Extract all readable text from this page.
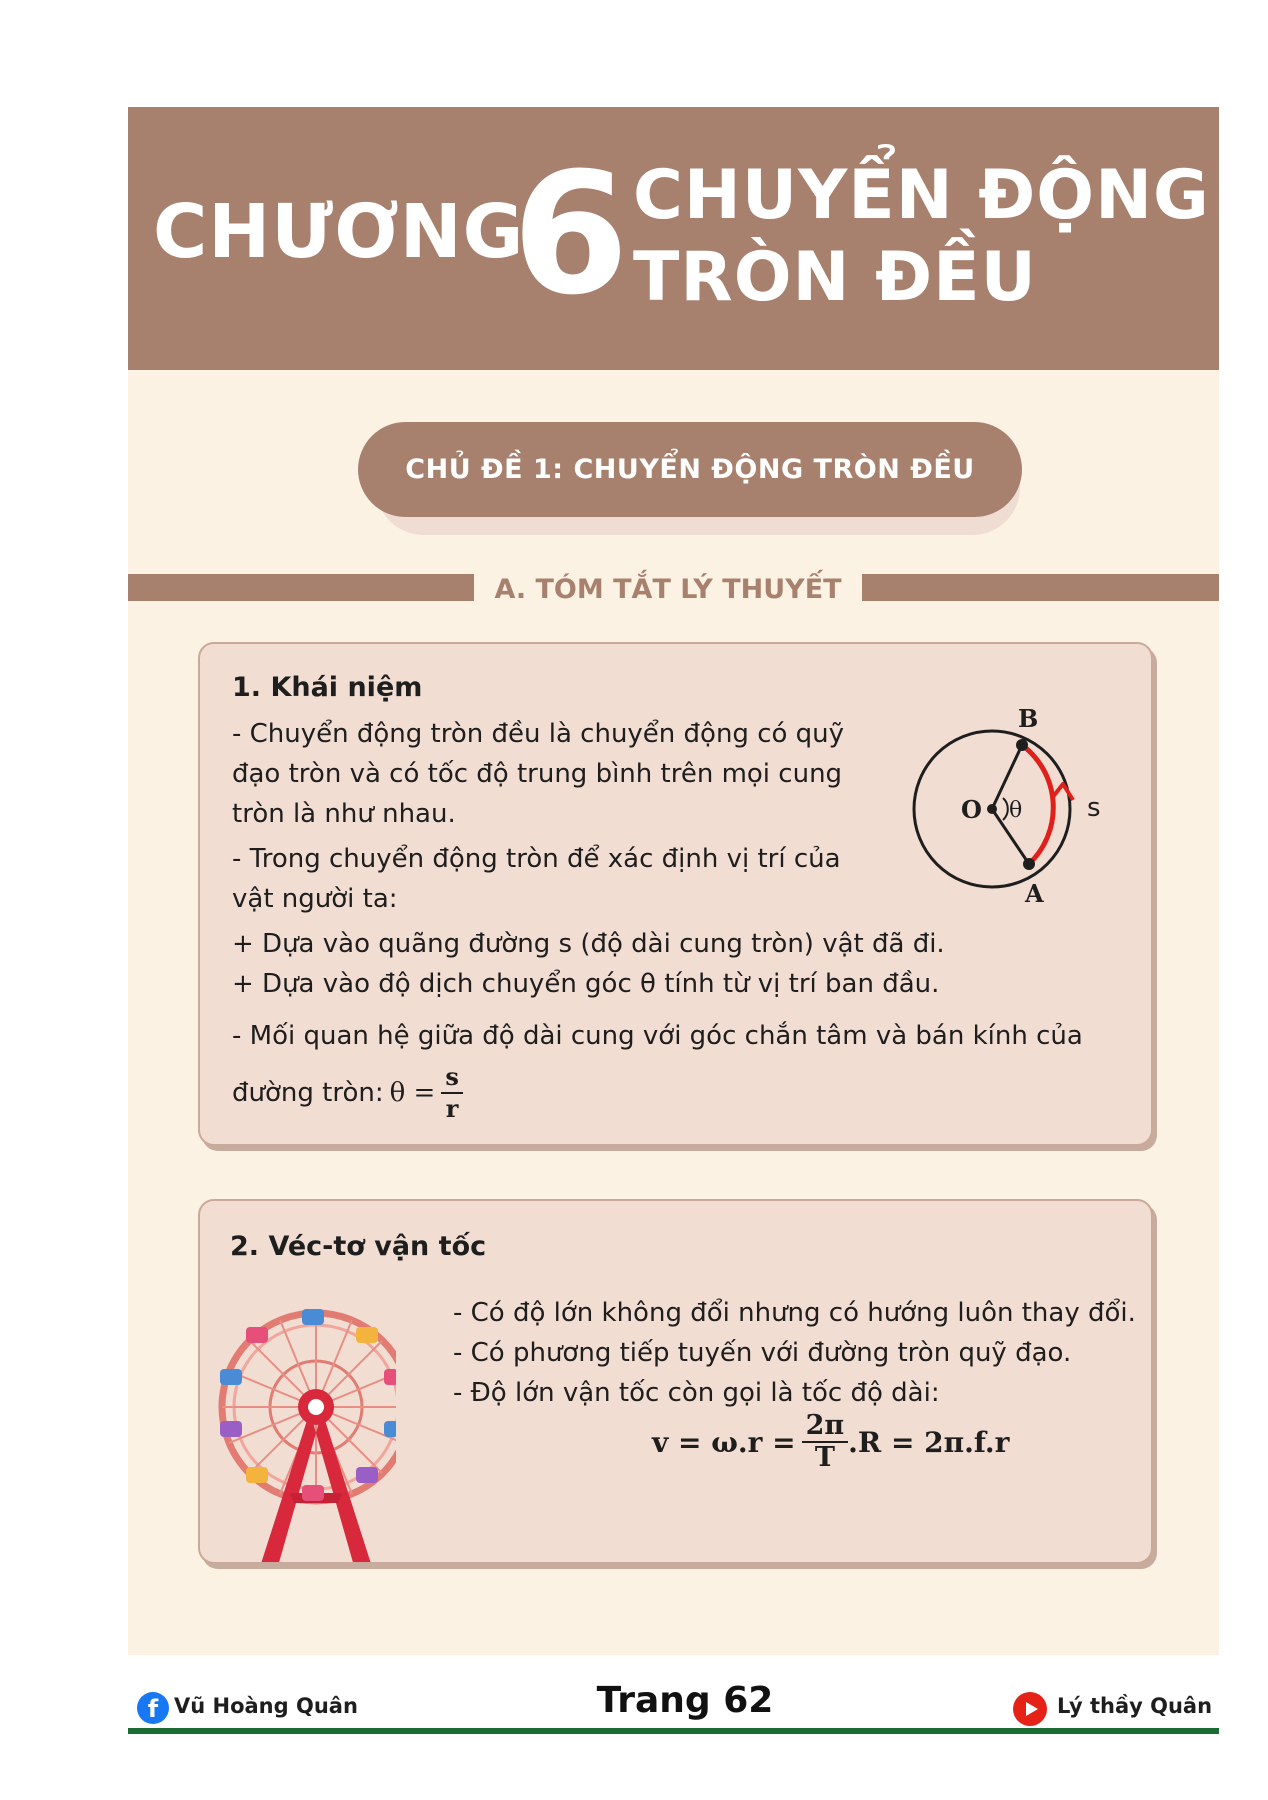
CHƯƠNG
6 CHUYỂN ĐỘNG
TRÒN ĐỀU
CHỦ ĐỀ 1: CHUYỂN ĐỘNG TRÒN ĐỀU
A. TÓM TẮT LÝ THUYẾT
1. Khái niệm
- Chuyển động tròn đều là chuyển động có quỹ
đạo tròn và có tốc độ trung bình trên mọi cung
tròn là như nhau.
- Trong chuyển động tròn để xác định vị trí của
vật người ta:
+ Dựa vào quãng đường s (độ dài cung tròn) vật đã đi.
+ Dựa vào độ dịch chuyển góc θ tính từ vị trí ban đầu.
- Mối quan hệ giữa độ dài cung với góc chắn tâm và bán kính của
đường tròn: $\theta = \frac{s}{r}$
B
A
O θ s
2. Véc-tơ vận tốc
- Có độ lớn không đổi nhưng có hướng luôn thay đổi.
- Có phương tiếp tuyến với đường tròn quỹ đạo.
- Độ lớn vận tốc còn gọi là tốc độ dài:
$v = \omega.r = \frac{2\pi}{T} .R = 2\pi.f.r$
f Vũ Hoàng Quân	Trang 62	Lý thầy Quân
